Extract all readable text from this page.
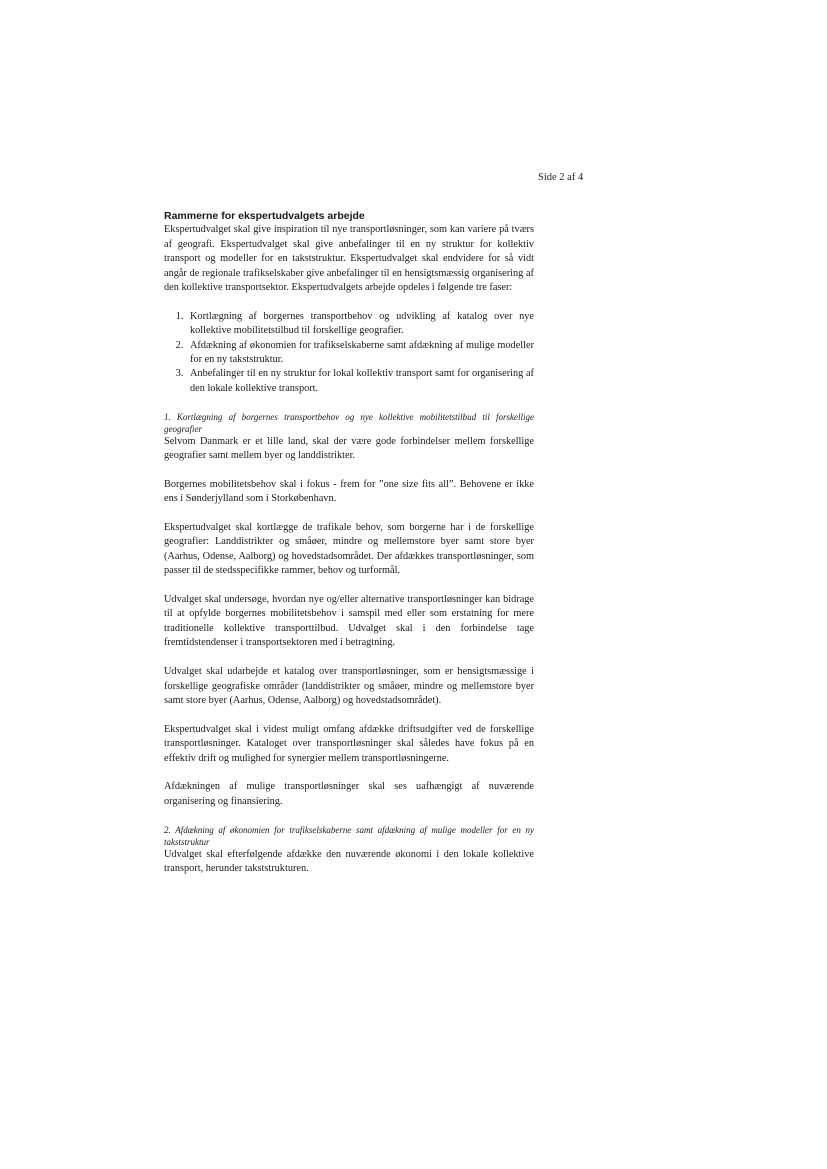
Side 2 af 4
Rammerne for ekspertudvalgets arbejde

Ekspertudvalget skal give inspiration til nye transportløsninger, som kan variere på tværs af geografi. Ekspertudvalget skal give anbefalinger til en ny struktur for kollektiv transport og modeller for en takststruktur. Ekspertudvalget skal endvidere for så vidt angår de regionale trafikselskaber give anbefalinger til en hensigtsmæssig organisering af den kollektive transportsektor. Ekspertudvalgets arbejde opdeles i følgende tre faser:

1. Kortlægning af borgernes transportbehov og udvikling af katalog over nye kollektive mobilitetstilbud til forskellige geografier.
2. Afdækning af økonomien for trafikselskaberne samt afdækning af mulige modeller for en ny takststruktur.
3. Anbefalinger til en ny struktur for lokal kollektiv transport samt for organisering af den lokale kollektive transport.

1. Kortlægning af borgernes transportbehov og nye kollektive mobilitetstilbud til forskellige geografier

Selvom Danmark er et lille land, skal der være gode forbindelser mellem forskellige geografier samt mellem byer og landdistrikter.

Borgernes mobilitetsbehov skal i fokus - frem for ”one size fits all”. Behovene er ikke ens i Sønderjylland som i Storkøbenhavn.

Ekspertudvalget skal kortlægge de trafikale behov, som borgerne har i de forskellige geografier: Landdistrikter og småøer, mindre og mellemstore byer samt store byer (Aarhus, Odense, Aalborg) og hovedstadsområdet. Der afdækkes transportløsninger, som passer til de stedsspecifikke rammer, behov og turformål.

Udvalget skal undersøge, hvordan nye og/eller alternative transportløsninger kan bidrage til at opfylde borgernes mobilitetsbehov i samspil med eller som erstatning for mere traditionelle kollektive transporttilbud. Udvalget skal i den forbindelse tage fremtidstendenser i transportsektoren med i betragtning.

Udvalget skal udarbejde et katalog over transportløsninger, som er hensigtsmæssige i forskellige geografiske områder (landdistrikter og småøer, mindre og mellemstore byer samt store byer (Aarhus, Odense, Aalborg) og hovedstadsområdet).

Ekspertudvalget skal i videst muligt omfang afdække driftsudgifter ved de forskellige transportløsninger. Kataloget over transportløsninger skal således have fokus på en effektiv drift og mulighed for synergier mellem transportløsningerne.

Afdækningen af mulige transportløsninger skal ses uafhængigt af nuværende organisering og finansiering.

2. Afdækning af økonomien for trafikselskaberne samt afdækning af mulige modeller for en ny takststruktur

Udvalget skal efterfølgende afdække den nuværende økonomi i den lokale kollektive transport, herunder takststrukturen.
